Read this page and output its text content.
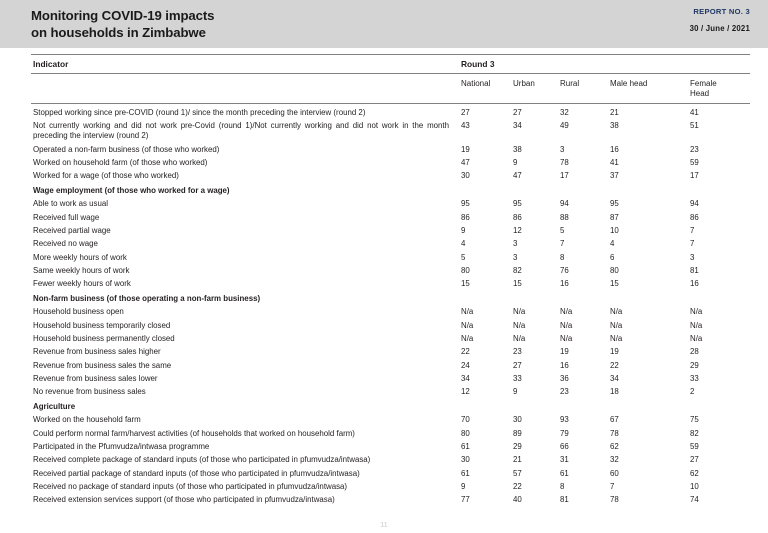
Monitoring COVID-19 impacts
on households in Zimbabwe
REPORT NO. 3
30 / June / 2021
Indicator	Round 3				
	National	Urban	Rural	Male head	Female
Head
Stopped working since pre-COVID (round 1)/ since the month preceding the interview (round 2)	27	27	32	21	41
Not currently working and did not work pre-Covid (round 1)/Not currently working and did not work in the month preceding the interview (round 2)	43	34	49	38	51
Operated a non-farm business (of those who worked)	19	38	3	16	23
Worked on household farm (of those who worked)	47	9	78	41	59
Worked for a wage (of those who worked)	30	47	17	37	17
Wage employment (of those who worked for a wage)					
Able to work as usual	95	95	94	95	94
Received full wage	86	86	88	87	86
Received partial wage	9	12	5	10	7
Received no wage	4	3	7	4	7
More weekly hours of work	5	3	8	6	3
Same weekly hours of work	80	82	76	80	81
Fewer weekly hours of work	15	15	16	15	16
Non-farm business (of those operating a non-farm business)					
Household business open	N/a	N/a	N/a	N/a	N/a
Household business temporarily closed	N/a	N/a	N/a	N/a	N/a
Household business permanently closed	N/a	N/a	N/a	N/a	N/a
Revenue from business sales higher	22	23	19	19	28
Revenue from business sales the same	24	27	16	22	29
Revenue from business sales lower	34	33	36	34	33
No revenue from business sales	12	9	23	18	2
Agriculture					
Worked on the household farm	70	30	93	67	75
Could perform normal farm/harvest activities (of households that worked on household farm)	80	89	79	78	82
Participated in the Pfumvudza/intwasa programme	61	29	66	62	59
Received complete package of standard inputs (of those who participated in pfumvudza/intwasa)	30	21	31	32	27
Received partial package of standard inputs (of those who participated in pfumvudza/intwasa)	61	57	61	60	62
Received no package of standard inputs (of those who participated in pfumvudza/intwasa)	9	22	8	7	10
Received extension services support (of those who participated in pfumvudza/intwasa)	77	40	81	78	74
11
